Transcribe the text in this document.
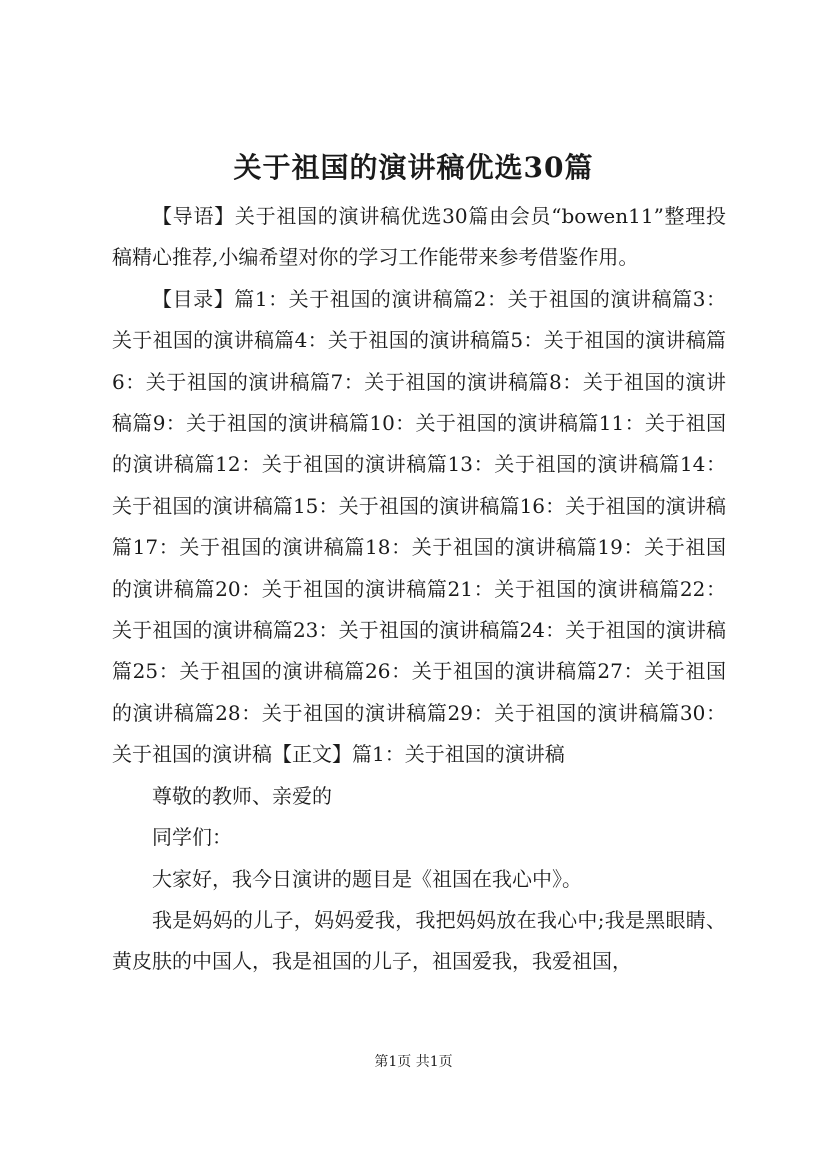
关于祖国的演讲稿优选30篇

【导语】关于祖国的演讲稿优选30篇由会员“bowen11”整理投稿精心推荐,小编希望对你的学习工作能带来参考借鉴作用。

【目录】篇1：关于祖国的演讲稿篇2：关于祖国的演讲稿篇3：关于祖国的演讲稿篇4：关于祖国的演讲稿篇5：关于祖国的演讲稿篇6：关于祖国的演讲稿篇7：关于祖国的演讲稿篇8：关于祖国的演讲稿篇9：关于祖国的演讲稿篇10：关于祖国的演讲稿篇11：关于祖国的演讲稿篇12：关于祖国的演讲稿篇13：关于祖国的演讲稿篇14：关于祖国的演讲稿篇15：关于祖国的演讲稿篇16：关于祖国的演讲稿篇17：关于祖国的演讲稿篇18：关于祖国的演讲稿篇19：关于祖国的演讲稿篇20：关于祖国的演讲稿篇21：关于祖国的演讲稿篇22：关于祖国的演讲稿篇23：关于祖国的演讲稿篇24：关于祖国的演讲稿篇25：关于祖国的演讲稿篇26：关于祖国的演讲稿篇27：关于祖国的演讲稿篇28：关于祖国的演讲稿篇29：关于祖国的演讲稿篇30：关于祖国的演讲稿【正文】篇1：关于祖国的演讲稿

尊敬的教师、亲爱的

同学们：

大家好，我今日演讲的题目是《祖国在我心中》。

我是妈妈的儿子，妈妈爱我，我把妈妈放在我心中;我是黑眼睛、黄皮肤的中国人，我是祖国的儿子，祖国爱我，我爱祖国，

第1页 共1页
